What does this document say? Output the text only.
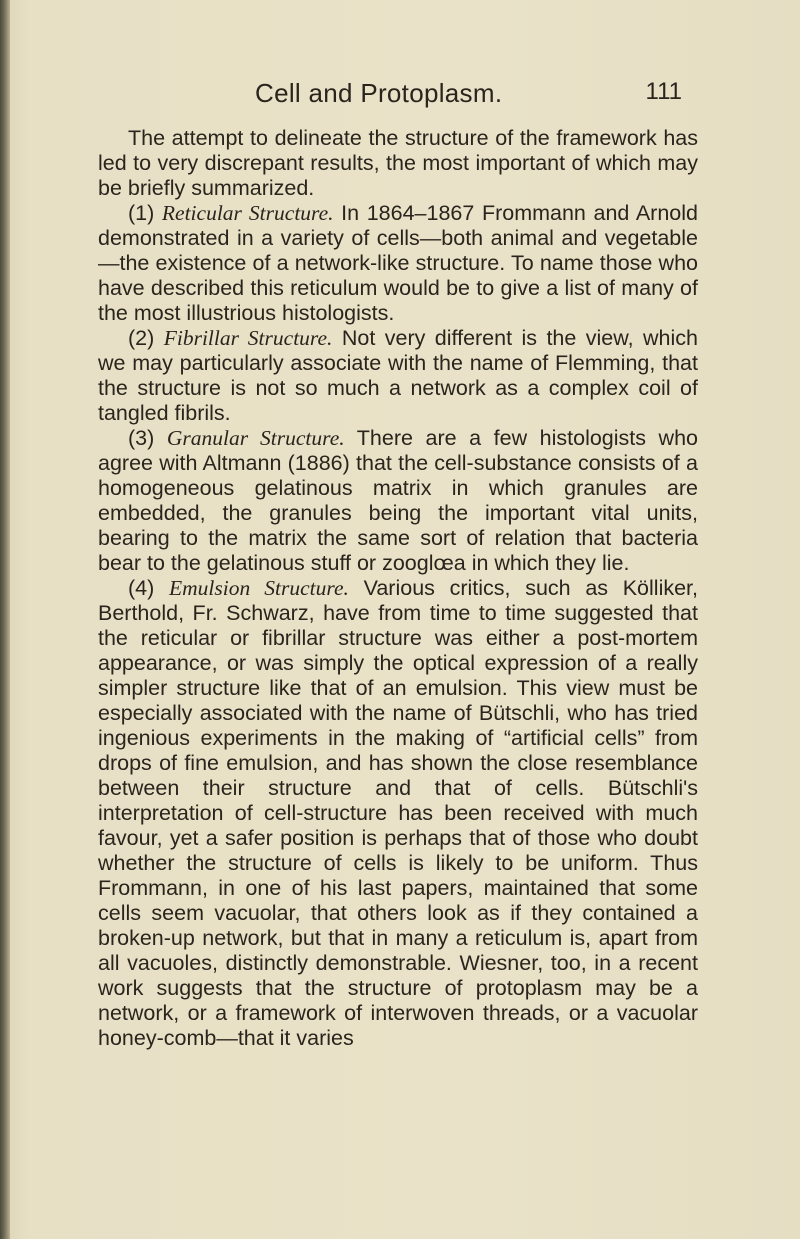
Cell and Protoplasm.	111

The attempt to delineate the structure of the framework has led to very discrepant results, the most important of which may be briefly summarized.

(1) Reticular Structure. In 1864–1867 Frommann and Arnold demonstrated in a variety of cells—both animal and vegetable—the existence of a network-like structure. To name those who have described this reticulum would be to give a list of many of the most illustrious histologists.

(2) Fibrillar Structure. Not very different is the view, which we may particularly associate with the name of Flemming, that the structure is not so much a network as a complex coil of tangled fibrils.

(3) Granular Structure. There are a few histologists who agree with Altmann (1886) that the cell-substance consists of a homogeneous gelatinous matrix in which granules are embedded, the granules being the important vital units, bearing to the matrix the same sort of relation that bacteria bear to the gelatinous stuff or zooglœa in which they lie.

(4) Emulsion Structure. Various critics, such as Kölliker, Berthold, Fr. Schwarz, have from time to time suggested that the reticular or fibrillar structure was either a post-mortem appearance, or was simply the optical expression of a really simpler structure like that of an emulsion. This view must be especially associated with the name of Bütschli, who has tried ingenious experiments in the making of “artificial cells” from drops of fine emulsion, and has shown the close resemblance between their structure and that of cells. Bütschli's interpretation of cell-structure has been received with much favour, yet a safer position is perhaps that of those who doubt whether the structure of cells is likely to be uniform. Thus Frommann, in one of his last papers, maintained that some cells seem vacuolar, that others look as if they contained a broken-up network, but that in many a reticulum is, apart from all vacuoles, distinctly demonstrable. Wiesner, too, in a recent work suggests that the structure of protoplasm may be a network, or a framework of interwoven threads, or a vacuolar honey-comb—that it varies
